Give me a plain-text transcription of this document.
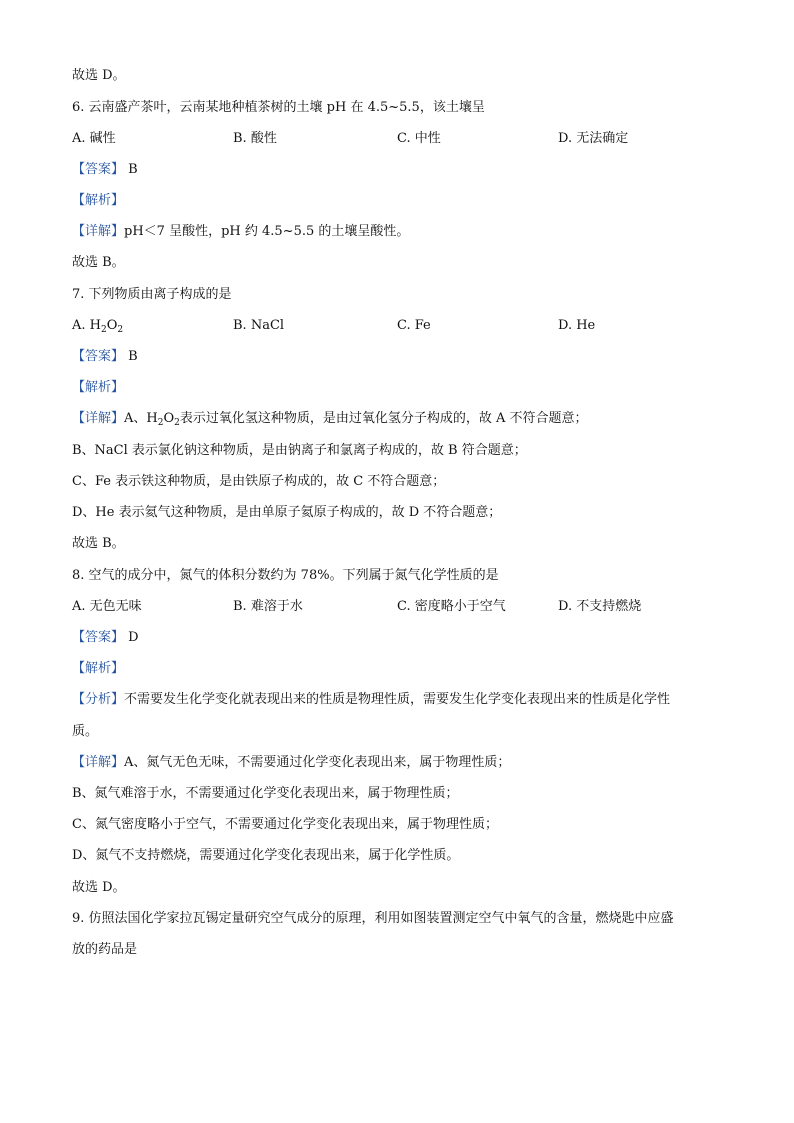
故选 D。
6. 云南盛产茶叶，云南某地种植茶树的土壤 pH 在 4.5~5.5，该土壤呈
A. 碱性	B. 酸性	C. 中性	D. 无法确定
【答案】 B
【解析】
【详解】pH＜7 呈酸性，pH 约 4.5~5.5 的土壤呈酸性。
故选 B。
7. 下列物质由离子构成的是
A. $H_2O_2$	B. NaCl	C. Fe	D. He
【答案】 B
【解析】
【详解】A、$H_2O_2$表示过氧化氢这种物质，是由过氧化氢分子构成的，故 A 不符合题意；
B、NaCl 表示氯化钠这种物质，是由钠离子和氯离子构成的，故 B 符合题意；
C、Fe 表示铁这种物质，是由铁原子构成的，故 C 不符合题意；
D、He 表示氦气这种物质，是由单原子氦原子构成的，故 D 不符合题意；
故选 B。
8. 空气的成分中，氮气的体积分数约为 78%。下列属于氮气化学性质的是
A. 无色无味	B. 难溶于水	C. 密度略小于空气	D. 不支持燃烧
【答案】 D
【解析】
【分析】不需要发生化学变化就表现出来的性质是物理性质，需要发生化学变化表现出来的性质是化学性
质。
【详解】A、氮气无色无味，不需要通过化学变化表现出来，属于物理性质；
B、氮气难溶于水，不需要通过化学变化表现出来，属于物理性质；
C、氮气密度略小于空气，不需要通过化学变化表现出来，属于物理性质；
D、氮气不支持燃烧，需要通过化学变化表现出来，属于化学性质。
故选 D。
9. 仿照法国化学家拉瓦锡定量研究空气成分的原理，利用如图装置测定空气中氧气的含量，燃烧匙中应盛
放的药品是
